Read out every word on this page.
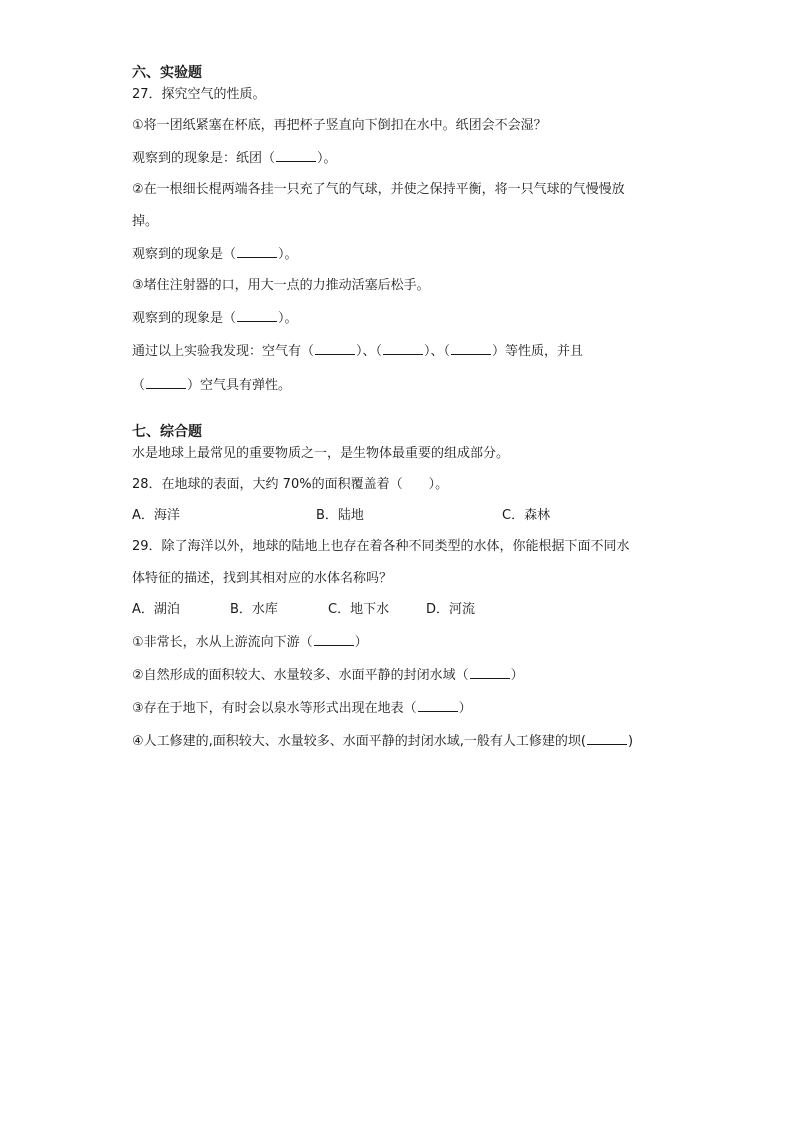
六、实验题
27．探究空气的性质。
①将一团纸紧塞在杯底，再把杯子竖直向下倒扣在水中。纸团会不会湿？
观察到的现象是：纸团（	）。
②在一根细长棍两端各挂一只充了气的气球，并使之保持平衡，将一只气球的气慢慢放
掉。
观察到的现象是（	）。
③堵住注射器的口，用大一点的力推动活塞后松手。
观察到的现象是（	）。
通过以上实验我发现：空气有（	）、（	）、（	）等性质，并且
（	）空气具有弹性。
七、综合题
水是地球上最常见的重要物质之一，是生物体最重要的组成部分。
28．在地球的表面，大约 70%的面积覆盖着（　　）。
A．海洋	B．陆地	C．森林
29．除了海洋以外，地球的陆地上也存在着各种不同类型的水体，你能根据下面不同水
体特征的描述，找到其相对应的水体名称吗？
A．湖泊	B．水库	C．地下水	D．河流
①非常长，水从上游流向下游（	）
②自然形成的面积较大、水量较多、水面平静的封闭水域（	）
③存在于地下，有时会以泉水等形式出现在地表（	）
④人工修建的,面积较大、水量较多、水面平静的封闭水域,一般有人工修建的坝(	)
